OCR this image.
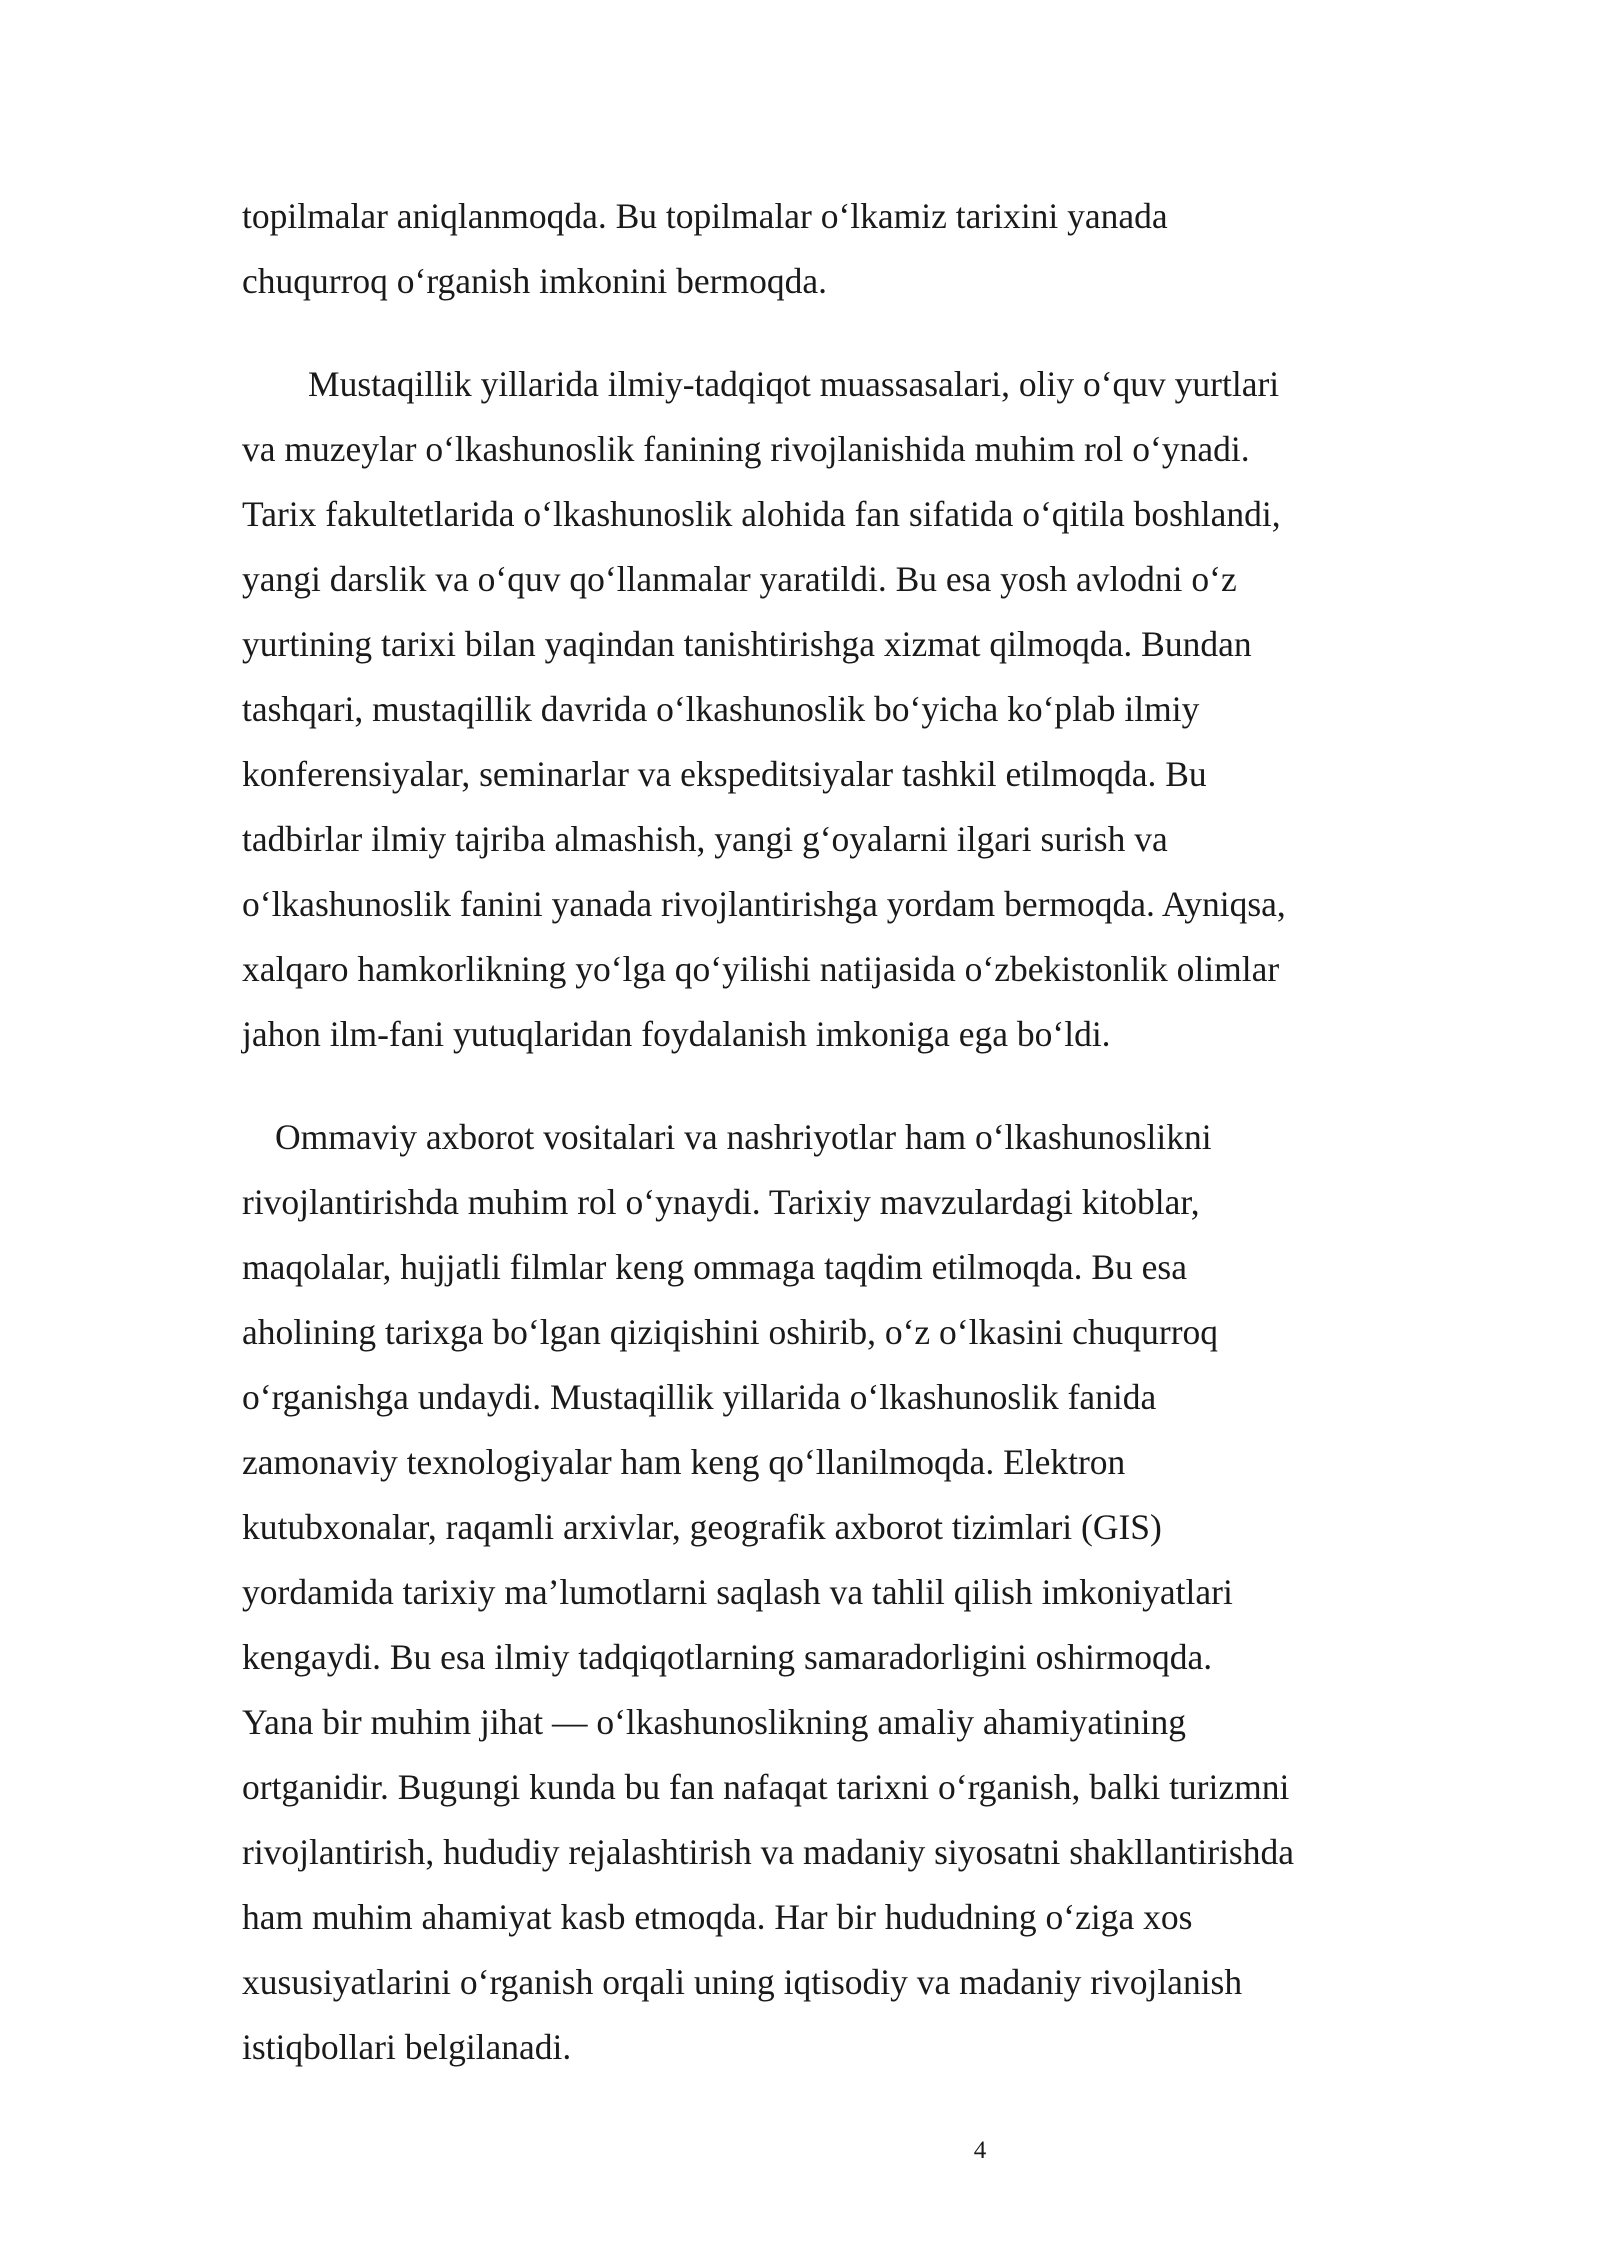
topilmalar aniqlanmoqda. Bu topilmalar o‘lkamiz tarixini yanada
chuqurroq o‘rganish imkonini bermoqda.

Mustaqillik yillarida ilmiy-tadqiqot muassasalari, oliy o‘quv yurtlari
va muzeylar o‘lkashunoslik fanining rivojlanishida muhim rol o‘ynadi.
Tarix fakultetlarida o‘lkashunoslik alohida fan sifatida o‘qitila boshlandi,
yangi darslik va o‘quv qo‘llanmalar yaratildi. Bu esa yosh avlodni o‘z
yurtining tarixi bilan yaqindan tanishtirishga xizmat qilmoqda. Bundan
tashqari, mustaqillik davrida o‘lkashunoslik bo‘yicha ko‘plab ilmiy
konferensiyalar, seminarlar va ekspeditsiyalar tashkil etilmoqda. Bu
tadbirlar ilmiy tajriba almashish, yangi g‘oyalarni ilgari surish va
o‘lkashunoslik fanini yanada rivojlantirishga yordam bermoqda. Ayniqsa,
xalqaro hamkorlikning yo‘lga qo‘yilishi natijasida o‘zbekistonlik olimlar
jahon ilm-fani yutuqlaridan foydalanish imkoniga ega bo‘ldi.

Ommaviy axborot vositalari va nashriyotlar ham o‘lkashunoslikni
rivojlantirishda muhim rol o‘ynaydi. Tarixiy mavzulardagi kitoblar,
maqolalar, hujjatli filmlar keng ommaga taqdim etilmoqda. Bu esa
aholining tarixga bo‘lgan qiziqishini oshirib, o‘z o‘lkasini chuqurroq
o‘rganishga undaydi. Mustaqillik yillarida o‘lkashunoslik fanida
zamonaviy texnologiyalar ham keng qo‘llanilmoqda. Elektron
kutubxonalar, raqamli arxivlar, geografik axborot tizimlari (GIS)
yordamida tarixiy ma’lumotlarni saqlash va tahlil qilish imkoniyatlari
kengaydi. Bu esa ilmiy tadqiqotlarning samaradorligini oshirmoqda.
Yana bir muhim jihat — o‘lkashunoslikning amaliy ahamiyatining
ortganidir. Bugungi kunda bu fan nafaqat tarixni o‘rganish, balki turizmni
rivojlantirish, hududiy rejalashtirish va madaniy siyosatni shakllantirishda
ham muhim ahamiyat kasb etmoqda. Har bir hududning o‘ziga xos
xususiyatlarini o‘rganish orqali uning iqtisodiy va madaniy rivojlanish
istiqbollari belgilanadi.

4
